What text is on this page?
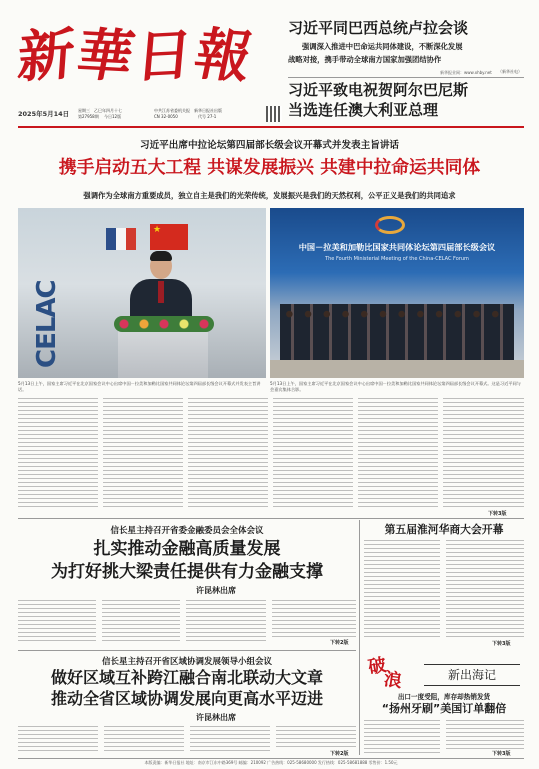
新
華
日
報
2025年5月14日 星期三 乙巳年四月十七
第27958期 今日12版
中共江苏省委机关报 新华日报社出版
CN 32-0050	代号 27-1
习近平同巴西总统卢拉会谈
强调深入推进中巴命运共同体建设，不断深化发展
战略对接，携手带动全球南方国家加强团结协作
（新华社电）
新华报业网：www.xhby.net
习近平致电祝贺阿尔巴尼斯
当选连任澳大利亚总理
习近平出席中拉论坛第四届部长级会议开幕式并发表主旨讲话
携手启动五大工程 共谋发展振兴 共建中拉命运共同体
强调作为全球南方重要成员，独立自主是我们的光荣传统，发展振兴是我们的天然权利，公平正义是我们的共同追求
★
CELAC
中国－拉美和加勒比国家共同体论坛第四届部长级会议
The Fourth Ministerial Meeting of the China-CELAC Forum
5月13日上午，国家主席习近平在北京国家会议中心出席中国－拉美和加勒比国家共同体论坛第四届部长级会议开幕式并发表主旨讲话。
5月13日上午，国家主席习近平在北京国家会议中心出席中国－拉美和加勒比国家共同体论坛第四届部长级会议开幕式。这是习近平同与会嘉宾集体合影。
下转3版
信长星主持召开省委金融委员会全体会议
扎实推动金融高质量发展
为打好挑大梁责任提供有力金融支撑
许昆林出席
下转2版
第五届淮河华商大会开幕
下转3版
信长星主持召开省区域协调发展领导小组会议
做好区域互补跨江融合南北联动大文章
推动全省区域协调发展向更高水平迈进
许昆林出席
下转2版
破
浪	新出海记
出口一度受阻，库存却热销发货
“扬州牙刷”美国订单翻倍
下转3版
本版责编：新华日报社 地址：南京市江东中路369号 邮编：210092 广告热线：025-58680000 发行热线：025-58681888 零售价：1.50元
